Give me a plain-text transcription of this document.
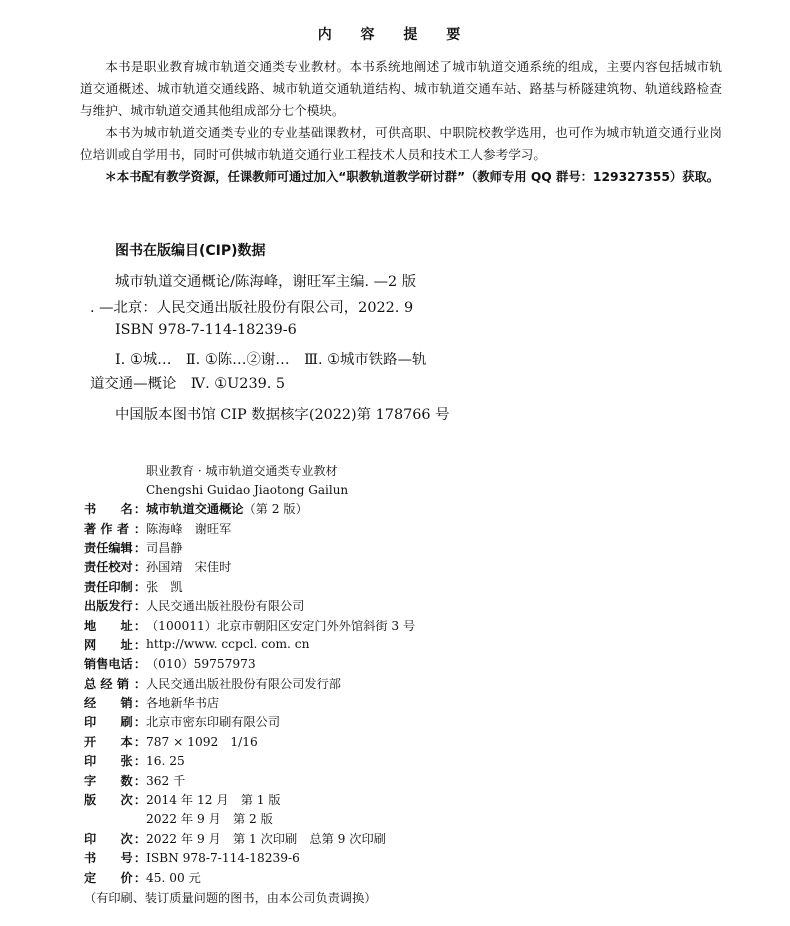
内 容 提 要
本书是职业教育城市轨道交通类专业教材。本书系统地阐述了城市轨道交通系统的组成，主要内容包括城市轨道交通概述、城市轨道交通线路、城市轨道交通轨道结构、城市轨道交通车站、路基与桥隧建筑物、轨道线路检查与维护、城市轨道交通其他组成部分七个模块。
本书为城市轨道交通类专业的专业基础课教材，可供高职、中职院校教学选用，也可作为城市轨道交通行业岗位培训或自学用书，同时可供城市轨道交通行业工程技术人员和技术工人参考学习。
＊本书配有教学资源，任课教师可通过加入“职教轨道教学研讨群”（教师专用 QQ 群号：129327355）获取。
图书在版编目(CIP)数据
城市轨道交通概论/陈海峰，谢旺军主编. —2 版
. —北京：人民交通出版社股份有限公司，2022. 9
ISBN 978-7-114-18239-6
Ⅰ. ①城…　Ⅱ. ①陈…②谢…　Ⅲ. ①城市铁路—轨
道交通—概论　Ⅳ. ①U239. 5
中国版本图书馆 CIP 数据核字(2022)第 178766 号
职业教育 · 城市轨道交通类专业教材
Chengshi Guidao Jiaotong Gailun
书　　名 ： 城市轨道交通概论（第 2 版）
著 作 者 ： 陈海峰　谢旺军
责任编辑 ： 司昌静
责任校对 ： 孙国靖　宋佳时
责任印制 ： 张　凯
出版发行 ： 人民交通出版社股份有限公司
地　　址 ： （100011）北京市朝阳区安定门外外馆斜街 3 号
网　　址 ： http://www. ccpcl. com. cn
销售电话 ： （010）59757973
总 经 销 ： 人民交通出版社股份有限公司发行部
经　　销 ： 各地新华书店
印　　刷 ： 北京市密东印刷有限公司
开　　本 ： 787 × 1092　1/16
印　　张 ： 16. 25
字　　数 ： 362 千
版　　次 ： 2014 年 12 月　第 1 版
2022 年 9 月　第 2 版
印　　次 ： 2022 年 9 月　第 1 次印刷　总第 9 次印刷
书　　号 ： ISBN 978-7-114-18239-6
定　　价 ： 45. 00 元
（有印刷、装订质量问题的图书，由本公司负责调换）
